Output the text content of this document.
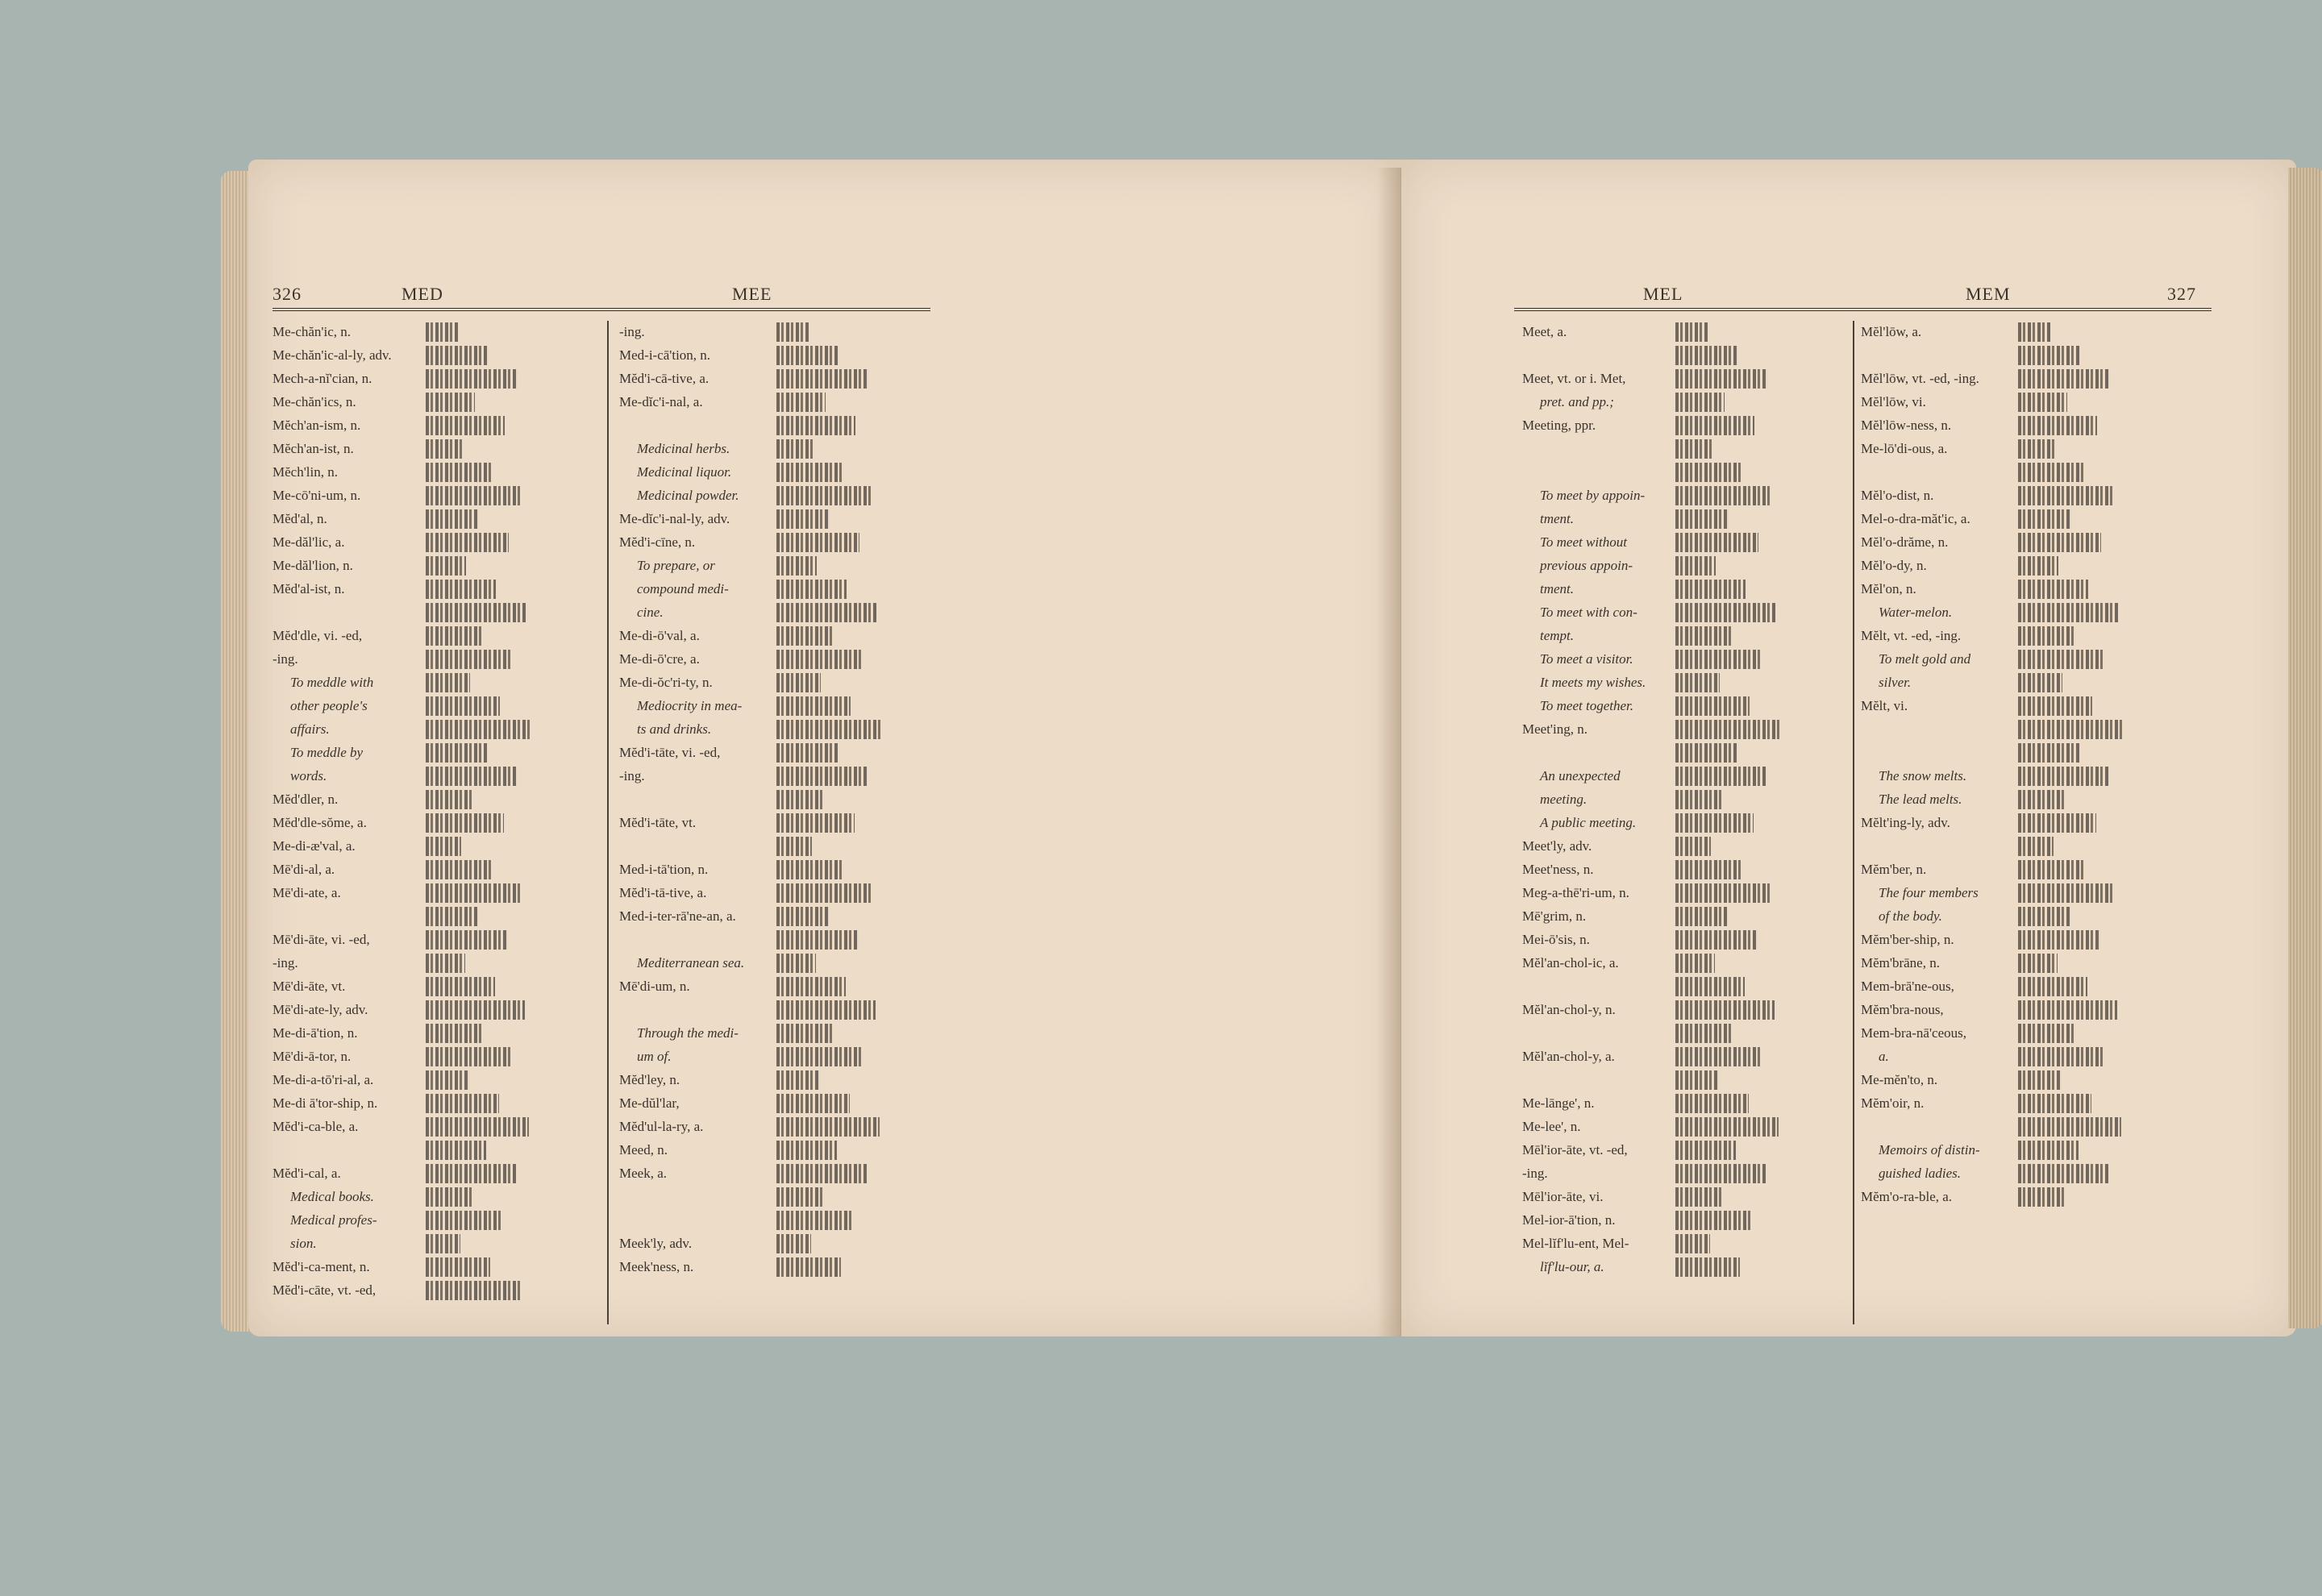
326	MED	MEE
Me-chăn'ic, n.
Me-chăn'ic-al-ly, adv.
Mech-a-nĭ'cian, n.
Me-chăn'ics, n.
Mĕch'an-ism, n.
Mĕch'an-ist, n.
Mĕch'lin, n.
Me-cō'ni-um, n.
Mĕd'al, n.
Me-dăl'lic, a.
Me-dăl'lion, n.
Mĕd'al-ist, n.
Mĕd'dle, vi. -ed,
-ing.
To meddle with
other people's
affairs.
To meddle by
words.
Mĕd'dler, n.
Mĕd'dle-sŏme, a.
Me-di-æ'val, a.
Mē'di-al, a.
Mē'di-ate, a.
Mē'di-āte, vi. -ed,
-ing.
Mē'di-āte, vt.
Mē'di-ate-ly, adv.
Me-di-ā'tion, n.
Mē'di-ā-tor, n.
Me-di-a-tō'ri-al, a.
Me-di ā'tor-ship, n.
Mĕd'i-ca-ble, a.
Mĕd'i-cal, a.
Medical books.
Medical profes-
sion.
Mĕd'i-ca-ment, n.
Mĕd'i-cāte, vt. -ed,
-ing.
Med-i-cā'tion, n.
Mĕd'i-cā-tive, a.
Me-dĭc'i-nal, a.
Medicinal herbs.
Medicinal liquor.
Medicinal powder.
Me-dĭc'i-nal-ly, adv.
Mĕd'i-cīne, n.
To prepare, or
compound medi-
cine.
Me-di-ō'val, a.
Me-di-ō'cre, a.
Me-di-ŏc'ri-ty, n.
Mediocrity in mea-
ts and drinks.
Mĕd'i-tāte, vi. -ed,
-ing.
Mĕd'i-tāte, vt.
Med-i-tā'tion, n.
Mĕd'i-tā-tive, a.
Med-i-ter-rā'ne-an, a.
Mediterranean sea.
Mē'di-um, n.
Through the medi-
um of.
Mĕd'ley, n.
Me-dŭl'lar,
Mĕd'ul-la-ry, a.
Meed, n.
Meek, a.
Meek'ly, adv.
Meek'ness, n.
MEL	MEM	327
Meet, a.
Meet, vt. or i. Met,
pret. and pp.;
Meeting, ppr.
To meet by appoin-
tment.
To meet without
previous appoin-
tment.
To meet with con-
tempt.
To meet a visitor.
It meets my wishes.
To meet together.
Meet'ing, n.
An unexpected
meeting.
A public meeting.
Meet'ly, adv.
Meet'ness, n.
Meg-a-thē'ri-um, n.
Mē'grim, n.
Mei-ō'sis, n.
Mĕl'an-chol-ic, a.
Mĕl'an-chol-y, n.
Mĕl'an-chol-y, a.
Me-lānge', n.
Me-lee', n.
Mēl'ior-āte, vt. -ed,
-ing.
Mēl'ior-āte, vi.
Mel-ior-ā'tion, n.
Mel-lĭf'lu-ent, Mel-
lĭf'lu-our, a.
Mĕl'lōw, a.
Mĕl'lōw, vt. -ed, -ing.
Mĕl'lōw, vi.
Mĕl'lōw-ness, n.
Me-lō'di-ous, a.
Mĕl'o-dist, n.
Mel-o-dra-măt'ic, a.
Mĕl'o-drăme, n.
Mĕl'o-dy, n.
Mĕl'on, n.
Water-melon.
Mĕlt, vt. -ed, -ing.
To melt gold and
silver.
Mĕlt, vi.
The snow melts.
The lead melts.
Mĕlt'ing-ly, adv.
Mĕm'ber, n.
The four members
of the body.
Mĕm'ber-ship, n.
Mĕm'brāne, n.
Mem-brā'ne-ous,
Mĕm'bra-nous,
Mem-bra-nā'ceous,
a.
Me-mĕn'to, n.
Mĕm'oir, n.
Memoirs of distin-
guished ladies.
Mĕm'o-ra-ble, a.
